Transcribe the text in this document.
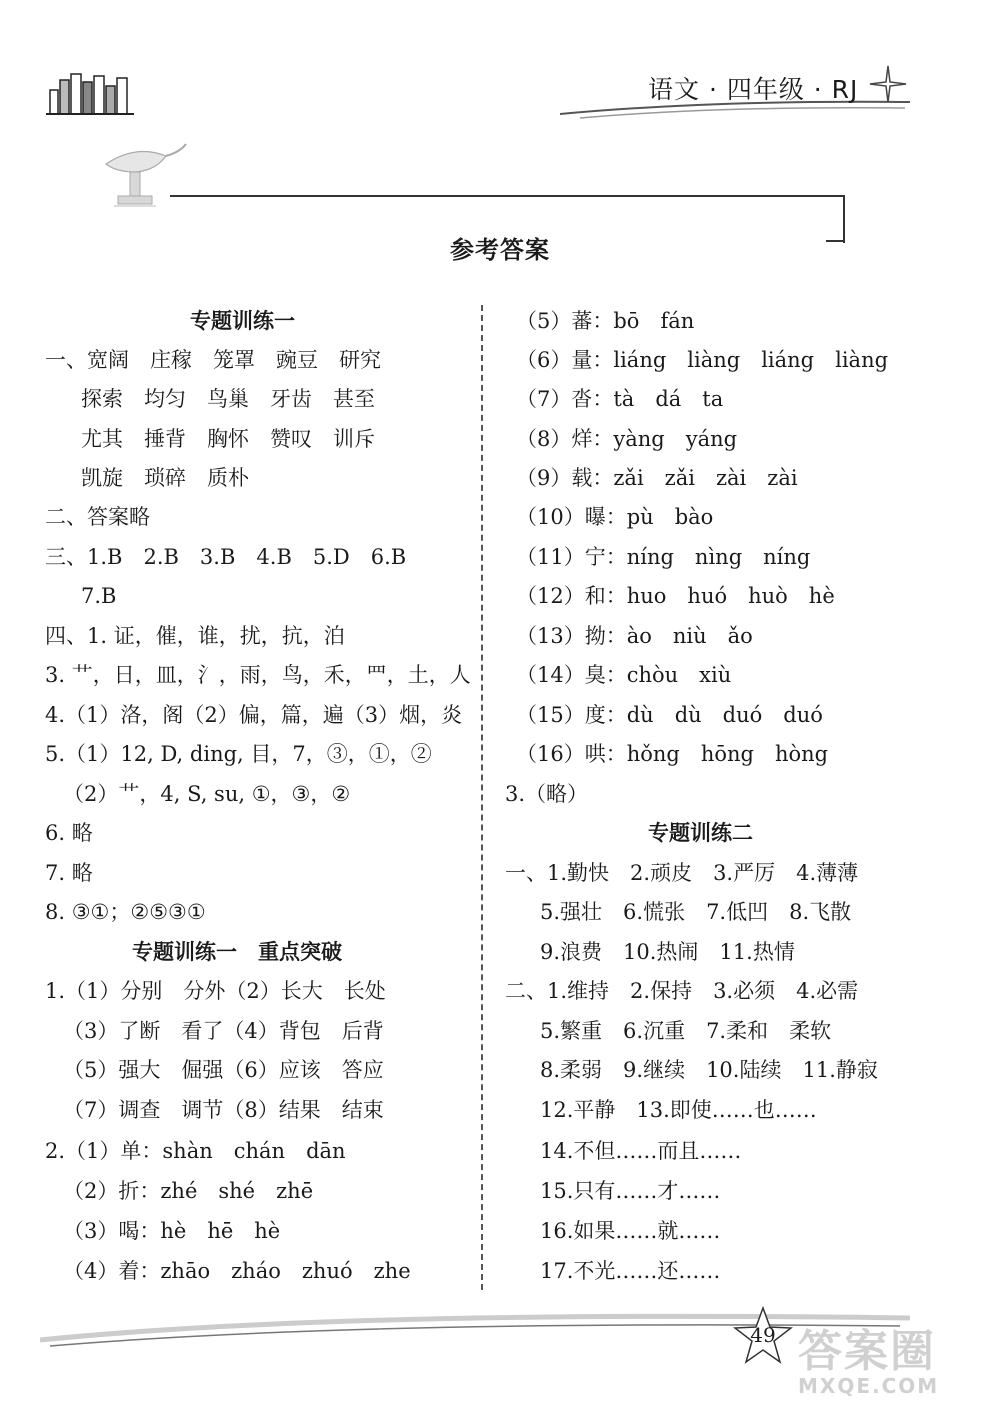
语文 · 四年级 · RJ
参考答案
专题训练一
一、宽阔　庄稼　笼罩　豌豆　研究
探索　均匀　鸟巢　牙齿　甚至
尤其　捶背　胸怀　赞叹　训斥
凯旋　琐碎　质朴
二、答案略
三、1.B　2.B　3.B　4.B　5.D　6.B
7.B
四、1. 证，催，谁，扰，抗，泊
3. 艹，日，皿，氵，雨，鸟，禾，罒，土，人
4.（1）洛，阁（2）偏，篇，遍（3）烟，炎
5.（1）12, D, ding, 目，7，③，①，②
（2）艹，4, S, su, ①，③，②
6. 略
7. 略
8. ③①；②⑤③①
专题训练一　重点突破
1.（1）分别　分外（2）长大　长处
（3）了断　看了（4）背包　后背
（5）强大　倔强（6）应该　答应
（7）调查　调节（8）结果　结束
2.（1）单：shàn　chán　dān
（2）折：zhé　shé　zhē
（3）喝：hè　hē　hè
（4）着：zhāo　zháo　zhuó　zhe
（5）蕃：bō　fán
（6）量：liáng　liàng　liáng　liàng
（7）沓：tà　dá　ta
（8）烊：yàng　yáng
（9）载：zǎi　zǎi　zài　zài
（10）曝：pù　bào
（11）宁：níng　nìng　níng
（12）和：huo　huó　huò　hè
（13）拗：ào　niù　ǎo
（14）臭：chòu　xiù
（15）度：dù　dù　duó　duó
（16）哄：hǒng　hōng　hòng
3.（略）
专题训练二
一、1.勤快　2.顽皮　3.严厉　4.薄薄
5.强壮　6.慌张　7.低凹　8.飞散
9.浪费　10.热闹　11.热情
二、1.维持　2.保持　3.必须　4.必需
5.繁重　6.沉重　7.柔和　柔软
8.柔弱　9.继续　10.陆续　11.静寂
12.平静　13.即使……也……
14.不但……而且……
15.只有……才……
16.如果……就……
17.不光……还……
49 答案圈
MXQE.COM
